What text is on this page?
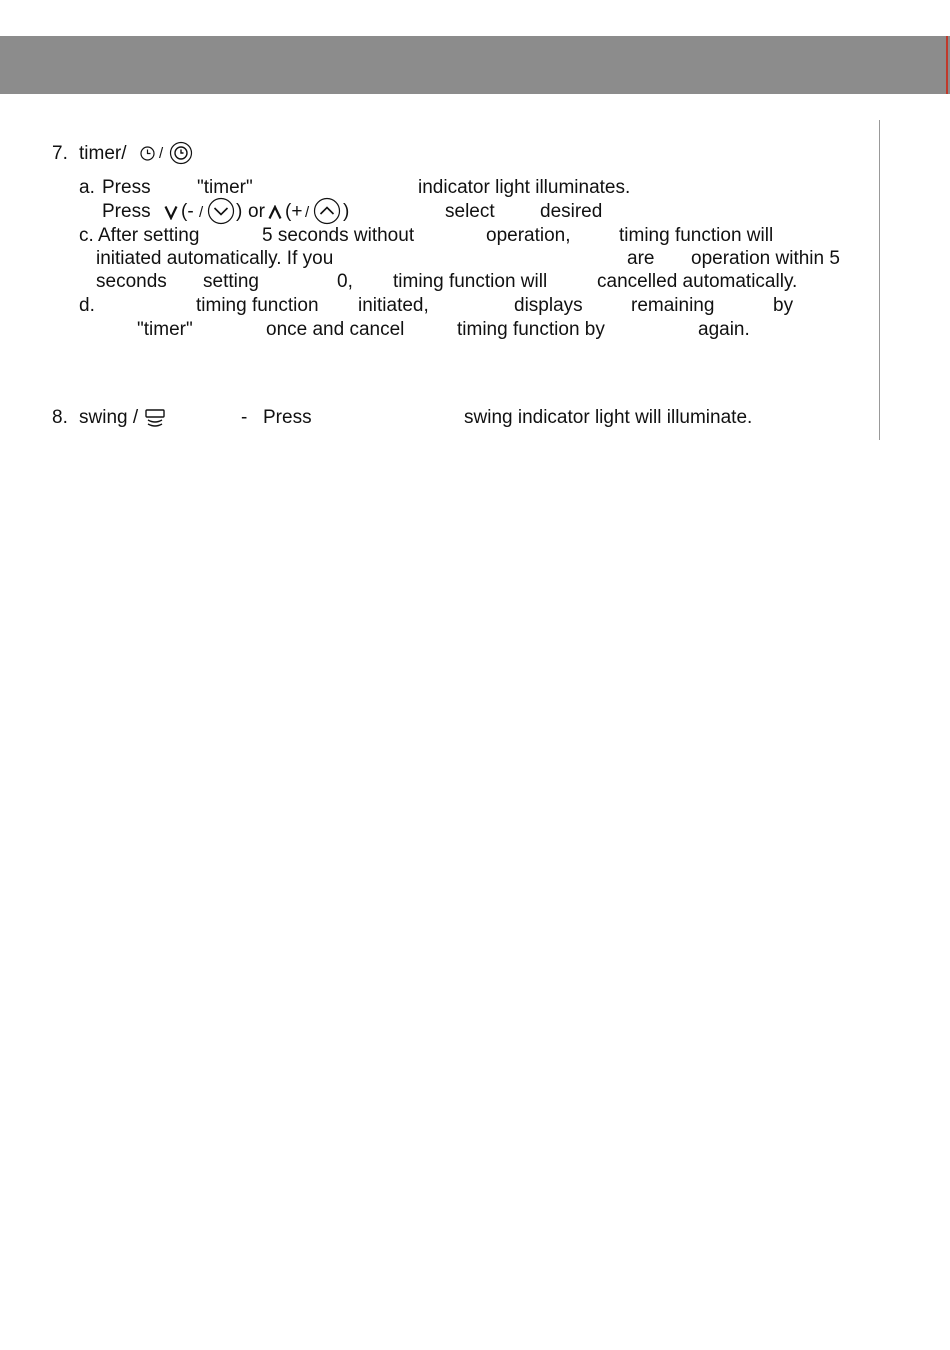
7. timer/ /
a. Press "timer"	indicator light illuminates.
Press (- / ) or (+ / )	select desired
c. After setting	5 seconds without	operation,	timing function will
initiated automatically. If you	are operation within 5
seconds setting	0, timing function will	cancelled automatically.
d.	timing function initiated,	displays	remaining	by
"timer"	once and cancel	timing function by	again.
8. swing /	- Press	swing indicator light will illuminate.
